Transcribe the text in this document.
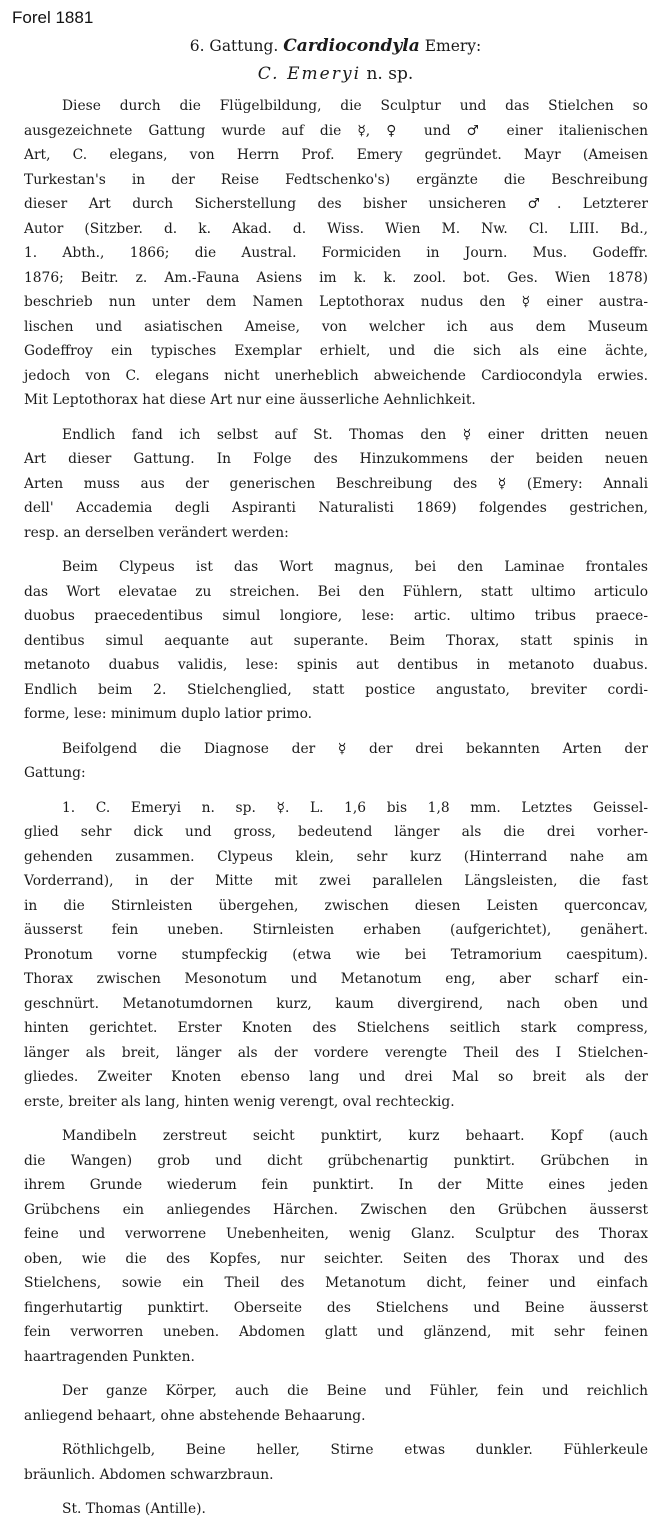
Forel 1881
6. Gattung. Cardiocondyla Emery:
C. Emeryi n. sp.

Diese durch die Flügelbildung, die Sculptur und das Stielchen so
ausgezeichnete Gattung wurde auf die ☿, ♀ und ♂ einer italienischen
Art, C. elegans, von Herrn Prof. Emery gegründet. Mayr (Ameisen
Turkestan's in der Reise Fedtschenko's) ergänzte die Beschreibung
dieser Art durch Sicherstellung des bisher unsicheren ♂. Letzterer
Autor (Sitzber. d. k. Akad. d. Wiss. Wien M. Nw. Cl. LIII. Bd.,
1. Abth., 1866; die Austral. Formiciden in Journ. Mus. Godeffr.
1876; Beitr. z. Am.-Fauna Asiens im k. k. zool. bot. Ges. Wien 1878)
beschrieb nun unter dem Namen Leptothorax nudus den ☿ einer austra-
lischen und asiatischen Ameise, von welcher ich aus dem Museum
Godeffroy ein typisches Exemplar erhielt, und die sich als eine ächte,
jedoch von C. elegans nicht unerheblich abweichende Cardiocondyla erwies.
Mit Leptothorax hat diese Art nur eine äusserliche Aehnlichkeit.

Endlich fand ich selbst auf St. Thomas den ☿ einer dritten neuen
Art dieser Gattung. In Folge des Hinzukommens der beiden neuen
Arten muss aus der generischen Beschreibung des ☿ (Emery: Annali
dell' Accademia degli Aspiranti Naturalisti 1869) folgendes gestrichen,
resp. an derselben verändert werden:

Beim Clypeus ist das Wort magnus, bei den Laminae frontales
das Wort elevatae zu streichen. Bei den Fühlern, statt ultimo articulo
duobus praecedentibus simul longiore, lese: artic. ultimo tribus praece-
dentibus simul aequante aut superante. Beim Thorax, statt spinis in
metanoto duabus validis, lese: spinis aut dentibus in metanoto duabus.
Endlich beim 2. Stielchenglied, statt postice angustato, breviter cordi-
forme, lese: minimum duplo latior primo.

Beifolgend die Diagnose der ☿ der drei bekannten Arten der
Gattung:

1. C. Emeryi n. sp. ☿. L. 1,6 bis 1,8 mm. Letztes Geissel-
glied sehr dick und gross, bedeutend länger als die drei vorher-
gehenden zusammen. Clypeus klein, sehr kurz (Hinterrand nahe am
Vorderrand), in der Mitte mit zwei parallelen Längsleisten, die fast
in die Stirnleisten übergehen, zwischen diesen Leisten querconcav,
äusserst fein uneben. Stirnleisten erhaben (aufgerichtet), genähert.
Pronotum vorne stumpfeckig (etwa wie bei Tetramorium caespitum).
Thorax zwischen Mesonotum und Metanotum eng, aber scharf ein-
geschnürt. Metanotumdornen kurz, kaum divergirend, nach oben und
hinten gerichtet. Erster Knoten des Stielchens seitlich stark compress,
länger als breit, länger als der vordere verengte Theil des I Stielchen-
gliedes. Zweiter Knoten ebenso lang und drei Mal so breit als der
erste, breiter als lang, hinten wenig verengt, oval rechteckig.

Mandibeln zerstreut seicht punktirt, kurz behaart. Kopf (auch
die Wangen) grob und dicht grübchenartig punktirt. Grübchen in
ihrem Grunde wiederum fein punktirt. In der Mitte eines jeden
Grübchens ein anliegendes Härchen. Zwischen den Grübchen äusserst
feine und verworrene Unebenheiten, wenig Glanz. Sculptur des Thorax
oben, wie die des Kopfes, nur seichter. Seiten des Thorax und des
Stielchens, sowie ein Theil des Metanotum dicht, feiner und einfach
fingerhutartig punktirt. Oberseite des Stielchens und Beine äusserst
fein verworren uneben. Abdomen glatt und glänzend, mit sehr feinen
haartragenden Punkten.

Der ganze Körper, auch die Beine und Fühler, fein und reichlich
anliegend behaart, ohne abstehende Behaarung.

Röthlichgelb, Beine heller, Stirne etwas dunkler. Fühlerkeule
bräunlich. Abdomen schwarzbraun.

St. Thomas (Antille).
